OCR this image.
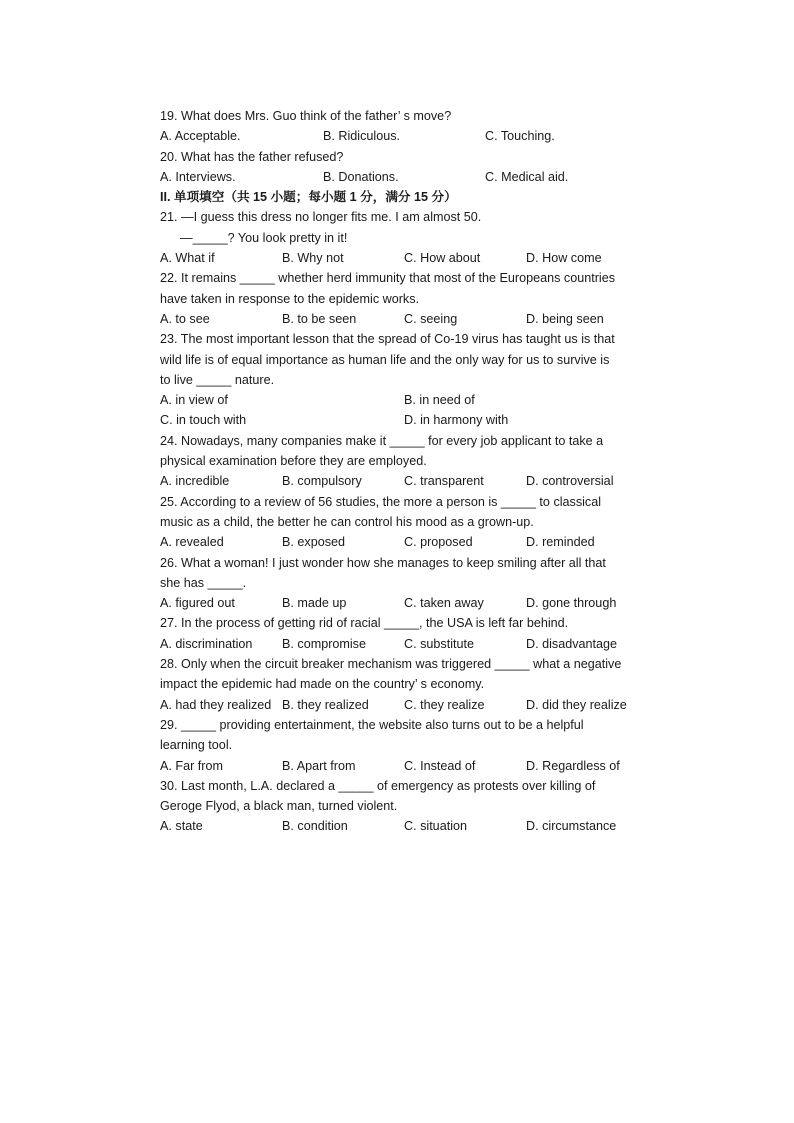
19. What does Mrs. Guo think of the father’ s move?
A. Acceptable.	B. Ridiculous.	C. Touching.
20. What has the father refused?
A. Interviews.	B. Donations.	C. Medical aid.
II. 单项填空（共 15 小题；每小题 1 分，满分 15 分）
21. —I guess this dress no longer fits me. I am almost 50.
—_____? You look pretty in it!
A. What if	B. Why not	C. How about	D. How come
22. It remains _____ whether herd immunity that most of the Europeans countries
have taken in response to the epidemic works.
A. to see	B. to be seen	C. seeing	D. being seen
23. The most important lesson that the spread of Co-19 virus has taught us is that
wild life is of equal importance as human life and the only way for us to survive is
to live _____ nature.
A. in view of	B. in need of
C. in touch with	D. in harmony with
24. Nowadays, many companies make it _____ for every job applicant to take a
physical examination before they are employed.
A. incredible	B. compulsory	C. transparent	D. controversial
25. According to a review of 56 studies, the more a person is _____ to classical
music as a child, the better he can control his mood as a grown-up.
A. revealed	B. exposed	C. proposed	D. reminded
26. What a woman! I just wonder how she manages to keep smiling after all that
she has _____.
A. figured out	B. made up	C. taken away	D. gone through
27. In the process of getting rid of racial _____, the USA is left far behind.
A. discrimination B. compromise	C. substitute	D. disadvantage
28. Only when the circuit breaker mechanism was triggered _____ what a negative
impact the epidemic had made on the country’ s economy.
A. had they realized B. they realized	C. they realize	D. did they realize
29. _____ providing entertainment, the website also turns out to be a helpful
learning tool.
A. Far from	B. Apart from	C. Instead of	D. Regardless of
30. Last month, L.A. declared a _____ of emergency as protests over killing of
Geroge Flyod, a black man, turned violent.
A. state	B. condition	C. situation	D. circumstance
